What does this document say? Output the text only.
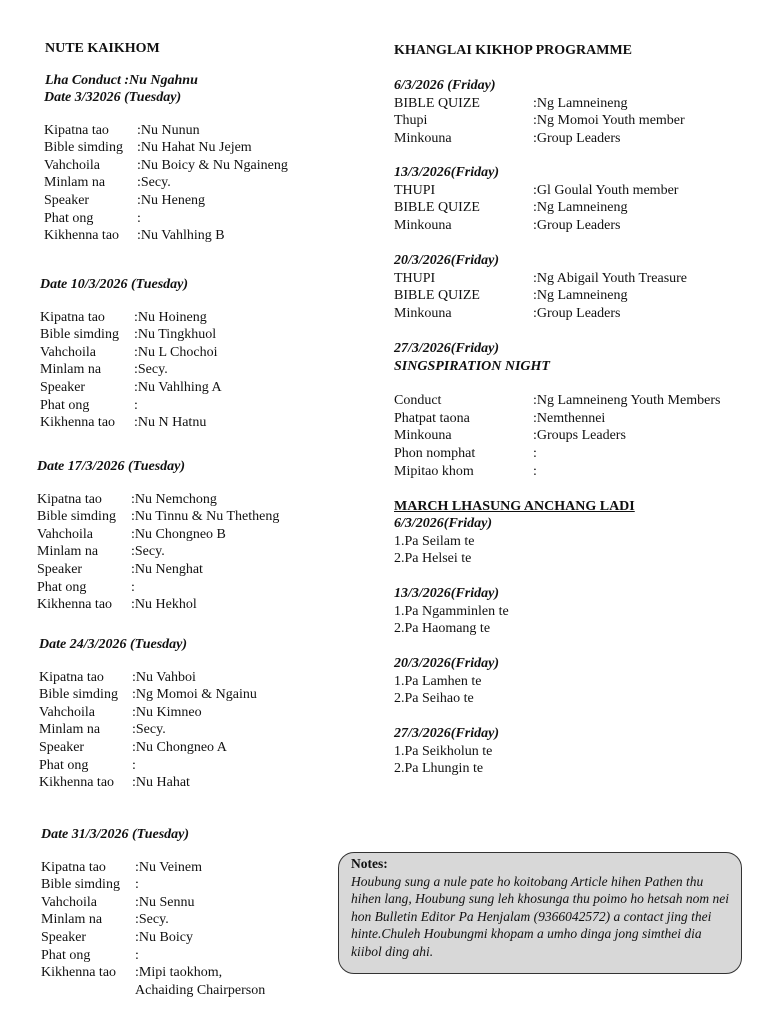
NUTE KAIKHOM
Lha Conduct :Nu Ngahnu
Date 3/32026 (Tuesday)
Kipatna tao	:Nu Nunun
Bible simding	:Nu Hahat Nu Jejem
Vahchoila	:Nu Boicy & Nu Ngaineng
Minlam na	:Secy.
Speaker	:Nu Heneng
Phat ong	:
Kikhenna tao	:Nu Vahlhing B
Date 10/3/2026 (Tuesday)
Kipatna tao	:Nu Hoineng
Bible simding	:Nu Tingkhuol
Vahchoila	:Nu L Chochoi
Minlam na	:Secy.
Speaker	:Nu Vahlhing A
Phat ong	:
Kikhenna tao	:Nu N Hatnu
Date 17/3/2026 (Tuesday)
Kipatna tao	:Nu Nemchong
Bible simding	:Nu Tinnu & Nu Thetheng
Vahchoila	:Nu Chongneo B
Minlam na	:Secy.
Speaker	:Nu Nenghat
Phat ong	:
Kikhenna tao	:Nu Hekhol
Date 24/3/2026 (Tuesday)
Kipatna tao	:Nu Vahboi
Bible simding	:Ng Momoi & Ngainu
Vahchoila	:Nu Kimneo
Minlam na	:Secy.
Speaker	:Nu Chongneo A
Phat ong	:
Kikhenna tao	:Nu Hahat
Date 31/3/2026 (Tuesday)
Kipatna tao	:Nu Veinem
Bible simding	:
Vahchoila	:Nu Sennu
Minlam na	:Secy.
Speaker	:Nu Boicy
Phat ong	:
Kikhenna tao	:Mipi taokhom,
Achaiding Chairperson
KHANGLAI KIKHOP PROGRAMME
6/3/2026 (Friday)
BIBLE QUIZE	:Ng Lamneineng
Thupi	:Ng Momoi Youth member
Minkouna	:Group Leaders
13/3/2026(Friday)
THUPI	:Gl Goulal Youth member
BIBLE QUIZE	:Ng Lamneineng
Minkouna	:Group Leaders
20/3/2026(Friday)
THUPI	:Ng Abigail Youth Treasure
BIBLE QUIZE	:Ng Lamneineng
Minkouna	:Group Leaders
27/3/2026(Friday)
SINGSPIRATION NIGHT
Conduct	:Ng Lamneineng Youth Members
Phatpat taona	:Nemthennei
Minkouna	:Groups Leaders
Phon nomphat	:
Mipitao khom	:
MARCH LHASUNG ANCHANG LADI
6/3/2026(Friday)
1.Pa Seilam te
2.Pa Helsei te
13/3/2026(Friday)
1.Pa Ngamminlen te
2.Pa Haomang te
20/3/2026(Friday)
1.Pa Lamhen te
2.Pa Seihao te
27/3/2026(Friday)
1.Pa Seikholun te
2.Pa Lhungin te
Notes:
Houbung sung a nule pate ho koitobang Article hihen Pathen thu hihen lang, Houbung sung leh khosunga thu poimo ho hetsah nom nei hon Bulletin Editor Pa Henjalam (9366042572) a contact jing thei hinte.Chuleh Houbungmi khopam a umho dinga jong simthei dia kiibol ding ahi.
